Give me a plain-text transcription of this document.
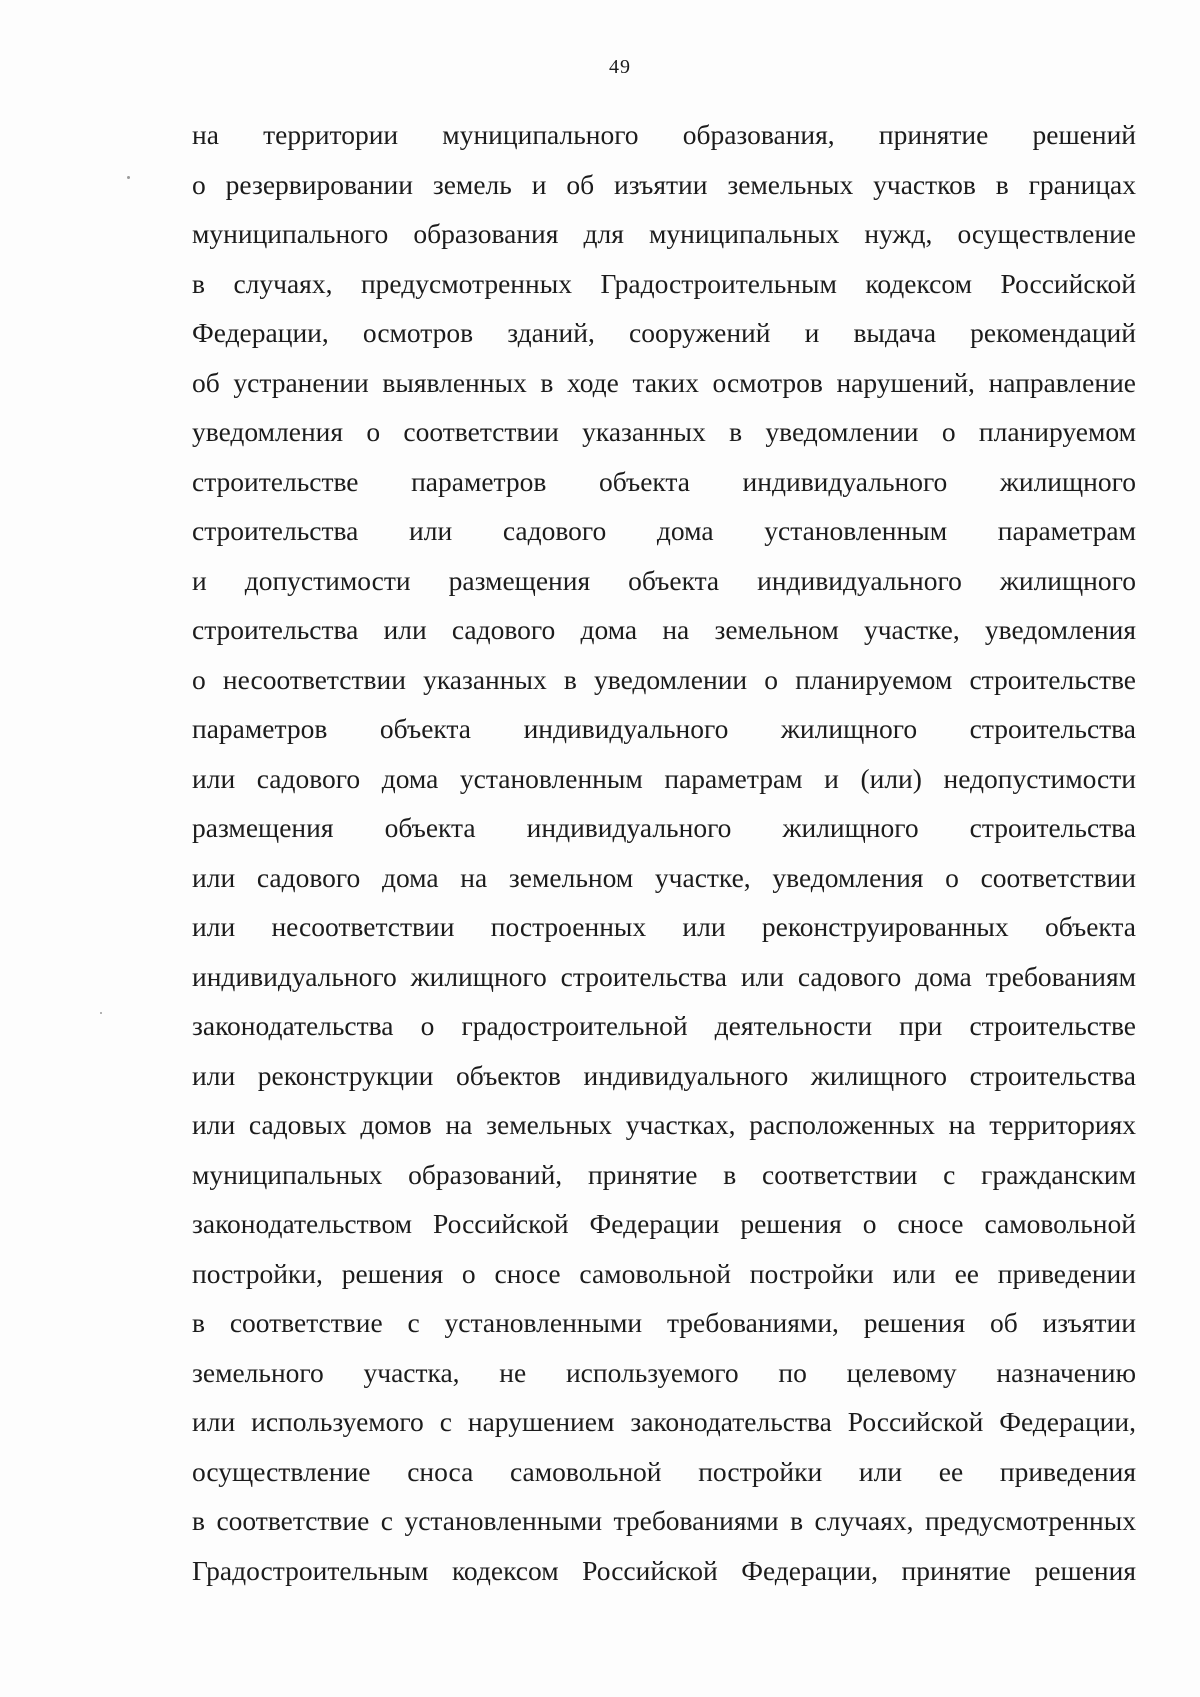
49
на территории муниципального образования, принятие решений
о резервировании земель и об изъятии земельных участков в границах
муниципального образования для муниципальных нужд, осуществление
в случаях, предусмотренных Градостроительным кодексом Российской
Федерации, осмотров зданий, сооружений и выдача рекомендаций
об устранении выявленных в ходе таких осмотров нарушений, направление
уведомления о соответствии указанных в уведомлении о планируемом
строительстве параметров объекта индивидуального жилищного
строительства или садового дома установленным параметрам
и допустимости размещения объекта индивидуального жилищного
строительства или садового дома на земельном участке, уведомления
о несоответствии указанных в уведомлении о планируемом строительстве
параметров объекта индивидуального жилищного строительства
или садового дома установленным параметрам и (или) недопустимости
размещения объекта индивидуального жилищного строительства
или садового дома на земельном участке, уведомления о соответствии
или несоответствии построенных или реконструированных объекта
индивидуального жилищного строительства или садового дома требованиям
законодательства о градостроительной деятельности при строительстве
или реконструкции объектов индивидуального жилищного строительства
или садовых домов на земельных участках, расположенных на территориях
муниципальных образований, принятие в соответствии с гражданским
законодательством Российской Федерации решения о сносе самовольной
постройки, решения о сносе самовольной постройки или ее приведении
в соответствие с установленными требованиями, решения об изъятии
земельного участка, не используемого по целевому назначению
или используемого с нарушением законодательства Российской Федерации,
осуществление сноса самовольной постройки или ее приведения
в соответствие с установленными требованиями в случаях, предусмотренных
Градостроительным кодексом Российской Федерации, принятие решения
